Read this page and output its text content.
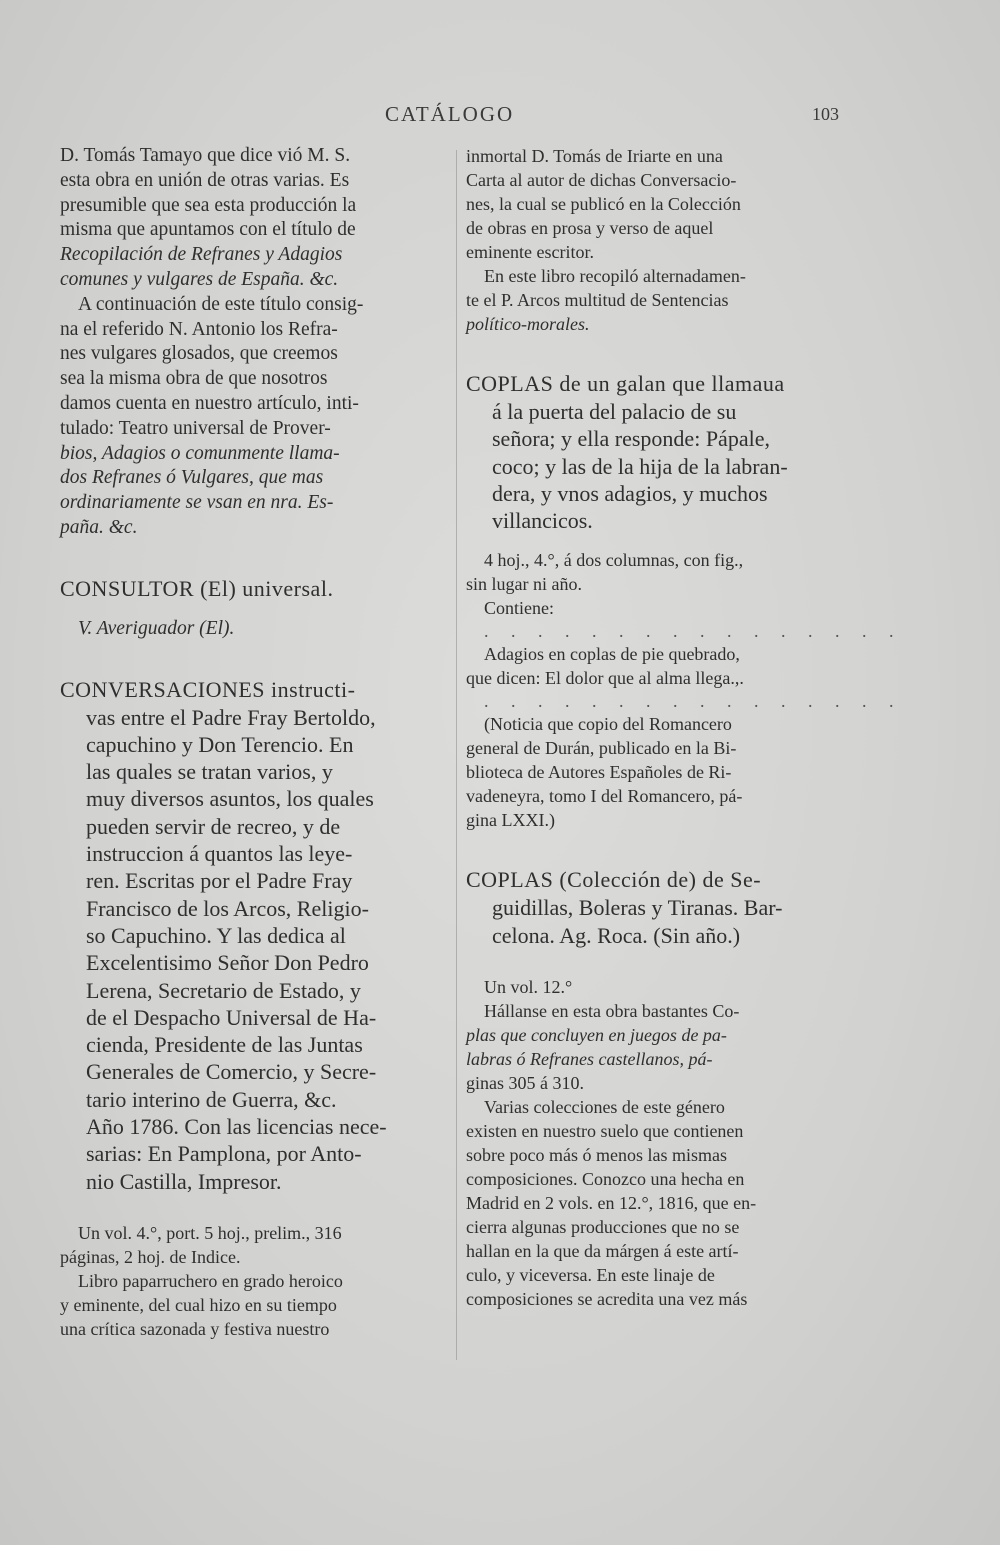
CATÁLOGO	103
D. Tomás Tamayo que dice vió M. S.
esta obra en unión de otras varias. Es
presumible que sea esta producción la
misma que apuntamos con el título de
Recopilación de Refranes y Adagios
comunes y vulgares de España. &c.
A continuación de este título consig-
na el referido N. Antonio los Refra-
nes vulgares glosados, que creemos
sea la misma obra de que nosotros
damos cuenta en nuestro artículo, inti-
tulado: Teatro universal de Prover-
bios, Adagios o comunmente llama-
dos Refranes ó Vulgares, que mas
ordinariamente se vsan en nra. Es-
paña. &c.
CONSULTOR (El) universal.
V. Averiguador (El).
CONVERSACIONES instructi-
vas entre el Padre Fray Bertoldo,
capuchino y Don Terencio. En
las quales se tratan varios, y
muy diversos asuntos, los quales
pueden servir de recreo, y de
instruccion á quantos las leye-
ren. Escritas por el Padre Fray
Francisco de los Arcos, Religio-
so Capuchino. Y las dedica al
Excelentisimo Señor Don Pedro
Lerena, Secretario de Estado, y
de el Despacho Universal de Ha-
cienda, Presidente de las Juntas
Generales de Comercio, y Secre-
tario interino de Guerra, &c.
Año 1786. Con las licencias nece-
sarias: En Pamplona, por Anto-
nio Castilla, Impresor.
Un vol. 4.°, port. 5 hoj., prelim., 316
páginas, 2 hoj. de Indice.
Libro paparruchero en grado heroico
y eminente, del cual hizo en su tiempo
una crítica sazonada y festiva nuestro
inmortal D. Tomás de Iriarte en una
Carta al autor de dichas Conversacio-
nes, la cual se publicó en la Colección
de obras en prosa y verso de aquel
eminente escritor.
En este libro recopiló alternadamen-
te el P. Arcos multitud de Sentencias
político-morales.
COPLAS de un galan que llamaua
á la puerta del palacio de su
señora; y ella responde: Pápale,
coco; y las de la hija de la labran-
dera, y vnos adagios, y muchos
villancicos.
4 hoj., 4.°, á dos columnas, con fig.,
sin lugar ni año.
Contiene:
. . . . . . . . . . . . . . . .
Adagios en coplas de pie quebrado,
que dicen: El dolor que al alma llega.,.
. . . . . . . . . . . . . . . .
(Noticia que copio del Romancero
general de Durán, publicado en la Bi-
blioteca de Autores Españoles de Ri-
vadeneyra, tomo I del Romancero, pá-
gina LXXI.)
COPLAS (Colección de) de Se-
guidillas, Boleras y Tiranas. Bar-
celona. Ag. Roca. (Sin año.)
Un vol. 12.°
Hállanse en esta obra bastantes Co-
plas que concluyen en juegos de pa-
labras ó Refranes castellanos, pá-
ginas 305 á 310.
Varias colecciones de este género
existen en nuestro suelo que contienen
sobre poco más ó menos las mismas
composiciones. Conozco una hecha en
Madrid en 2 vols. en 12.°, 1816, que en-
cierra algunas producciones que no se
hallan en la que da márgen á este artí-
culo, y viceversa. En este linaje de
composiciones se acredita una vez más
